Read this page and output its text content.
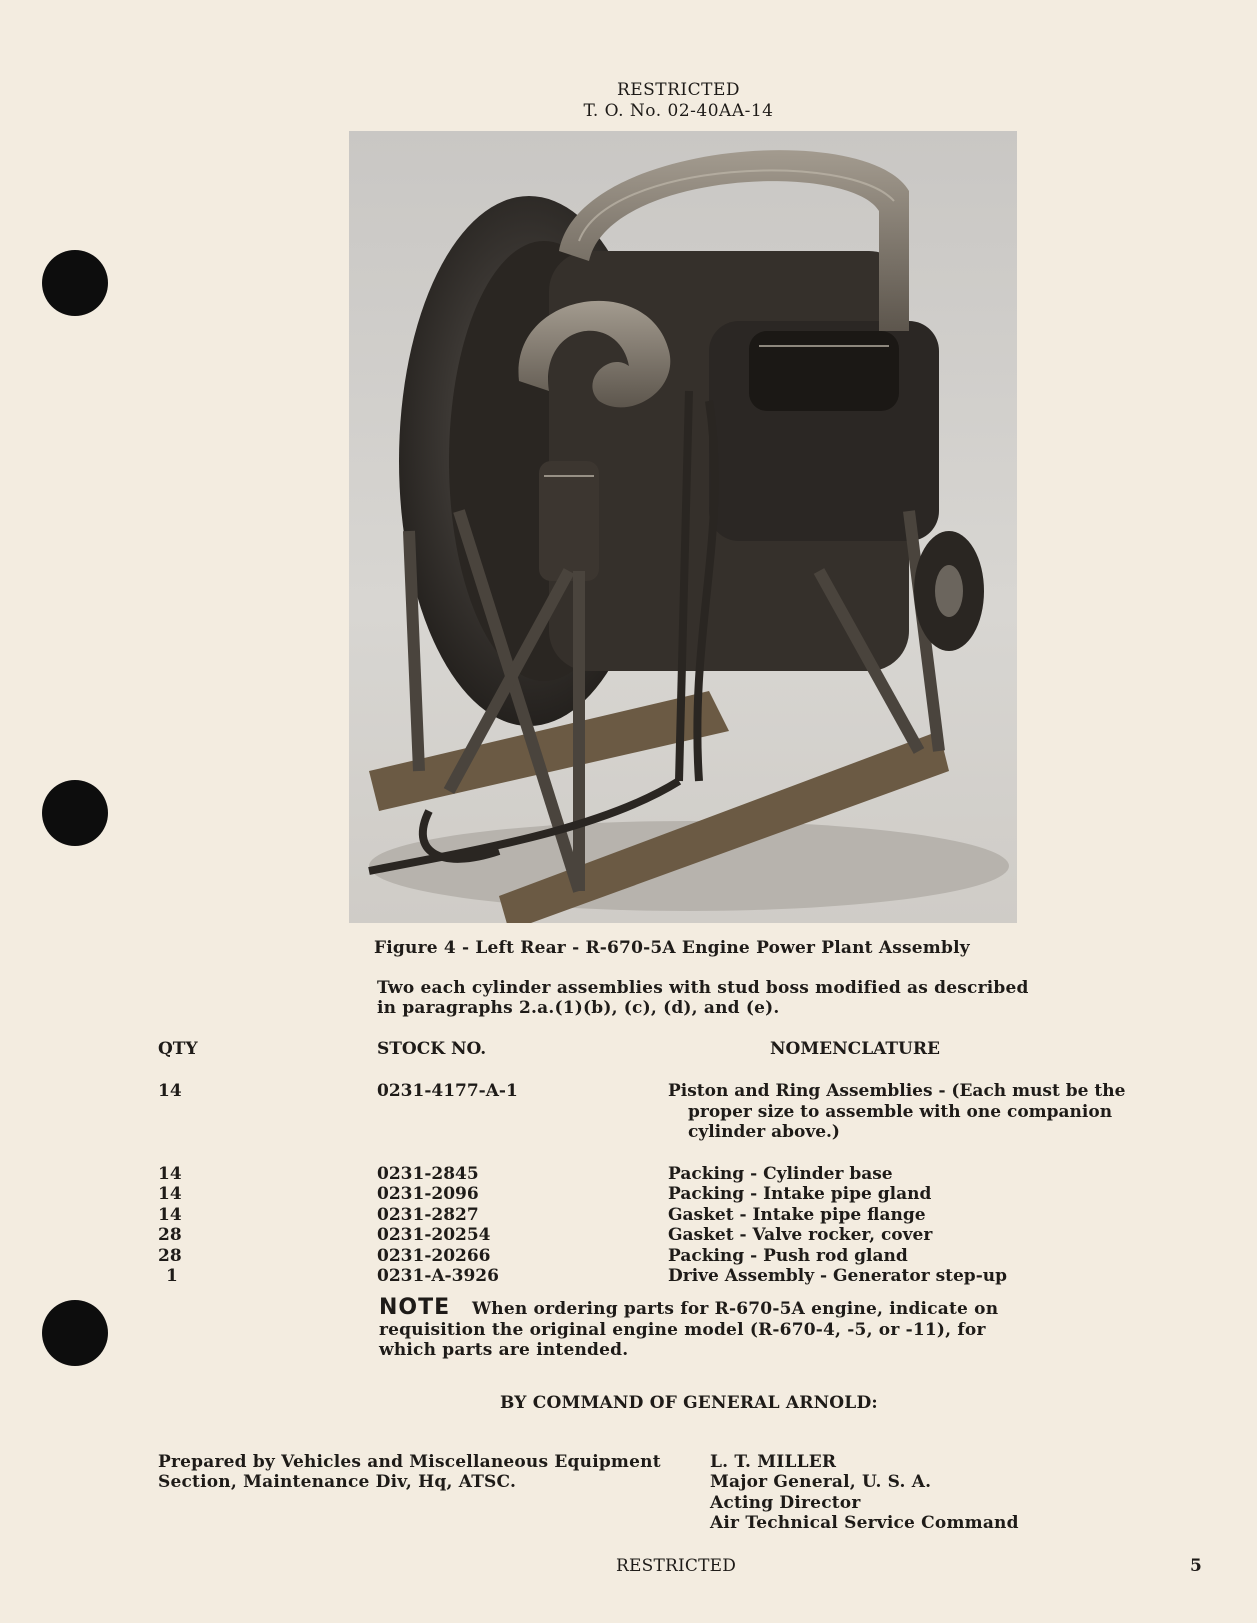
RESTRICTED
T. O. No. 02-40AA-14
Figure 4 - Left Rear - R-670-5A Engine Power Plant Assembly
Two each cylinder assemblies with stud boss modified as described
in paragraphs 2.a.(1)(b), (c), (d), and (e).
QTY	STOCK NO.	NOMENCLATURE
14	0231-4177-A-1	Piston and Ring Assemblies - (Each must be the
proper size to assemble with one companion
cylinder above.)
14	0231-2845	Packing - Cylinder base
14	0231-2096	Packing - Intake pipe gland
14	0231-2827	Gasket - Intake pipe flange
28	0231-20254	Gasket - Valve rocker, cover
28	0231-20266	Packing - Push rod gland
1	0231-A-3926	Drive Assembly - Generator step-up
NOTE When ordering parts for R-670-5A engine, indicate on
requisition the original engine model (R-670-4, -5, or -11), for
which parts are intended.
BY COMMAND OF GENERAL ARNOLD:
Prepared by Vehicles and Miscellaneous Equipment
Section, Maintenance Div, Hq, ATSC.
L. T. MILLER
Major General, U. S. A.
Acting Director
Air Technical Service Command
RESTRICTED	5
